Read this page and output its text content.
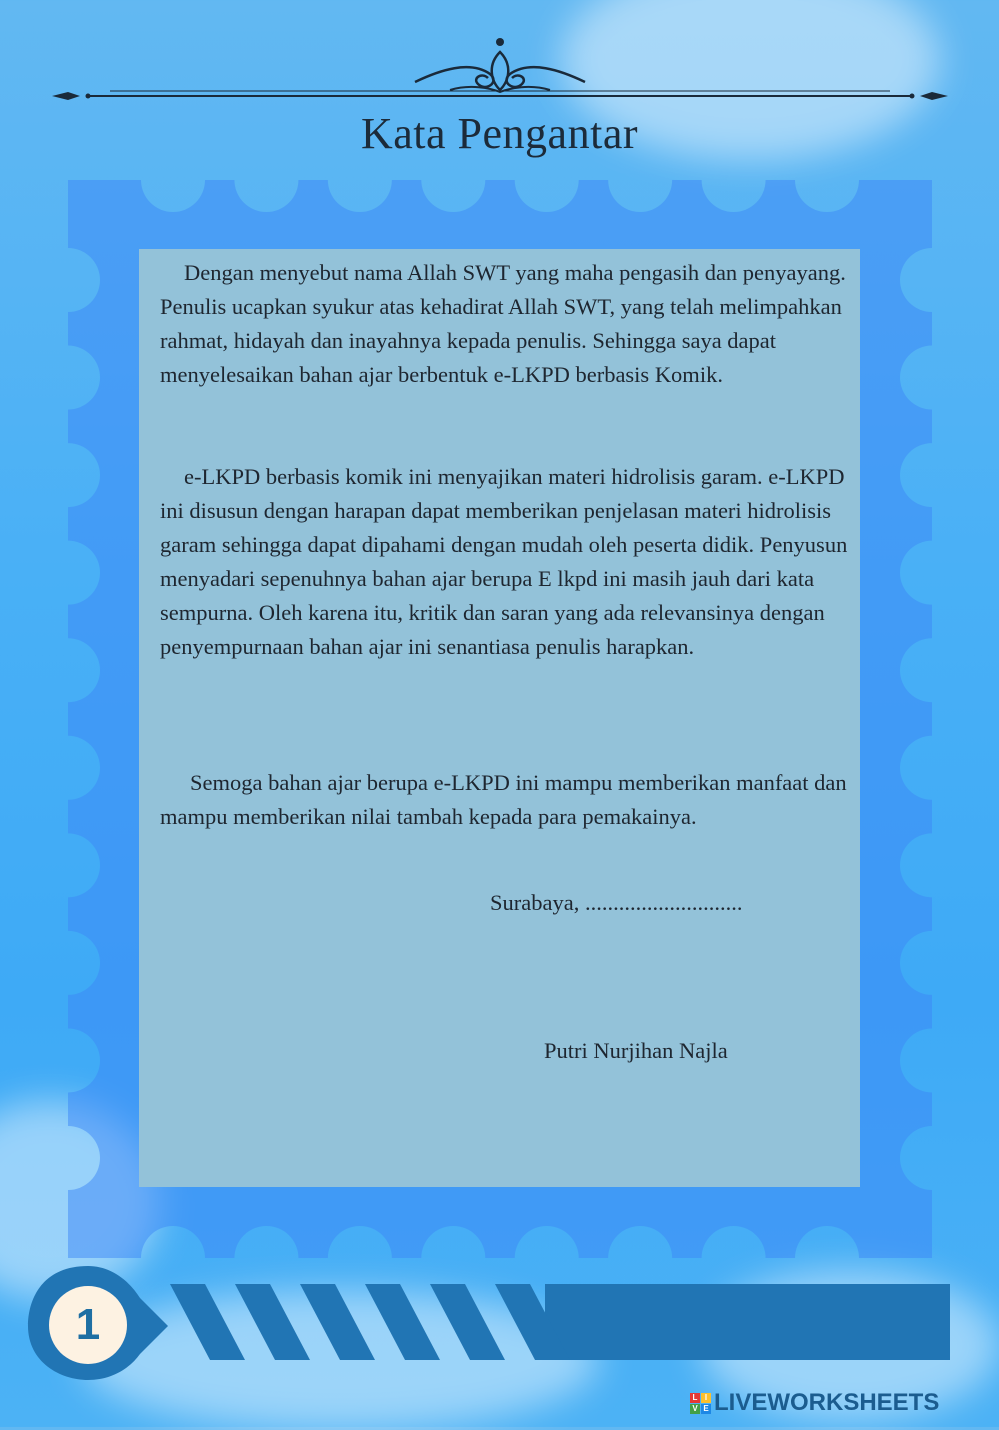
Kata Pengantar
Dengan menyebut nama Allah SWT yang maha pengasih dan penyayang. Penulis ucapkan syukur atas kehadirat Allah SWT, yang telah melimpahkan rahmat, hidayah dan inayahnya kepada penulis. Sehingga saya dapat menyelesaikan bahan ajar berbentuk e-LKPD berbasis Komik.
e-LKPD berbasis komik ini menyajikan materi hidrolisis garam. e-LKPD ini disusun dengan harapan dapat memberikan penjelasan materi hidrolisis garam sehingga dapat dipahami dengan mudah oleh peserta didik. Penyusun menyadari sepenuhnya bahan ajar berupa E lkpd ini masih jauh dari kata sempurna. Oleh karena itu, kritik dan saran yang ada relevansinya dengan penyempurnaan bahan ajar ini senantiasa penulis harapkan.
Semoga bahan ajar berupa e-LKPD ini mampu memberikan manfaat dan mampu memberikan nilai tambah kepada para pemakainya.
Surabaya, ............................
Putri Nurjihan Najla
1
L I
V E LIVEWORKSHEETS
